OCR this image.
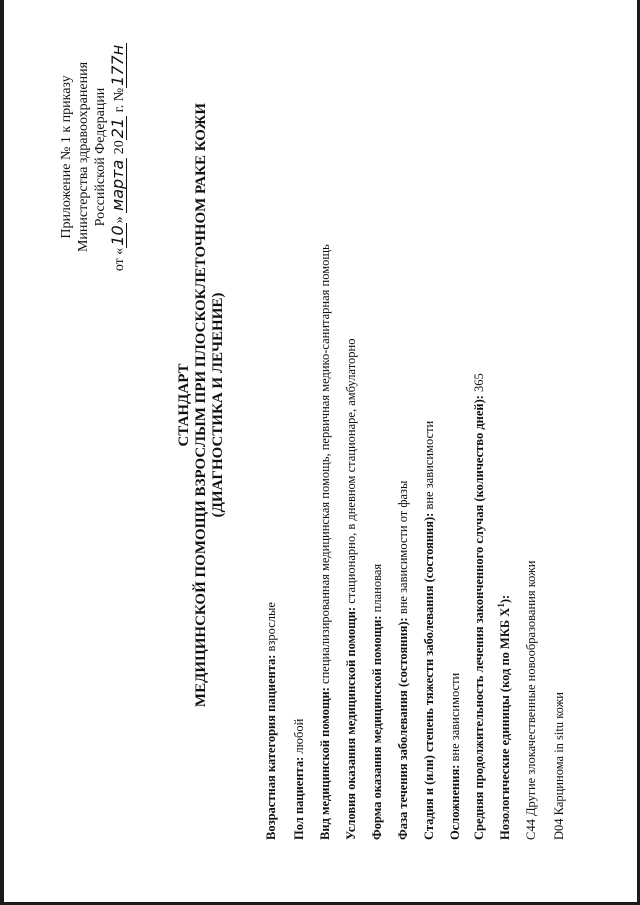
Приложение № 1 к приказу Министерства здравоохранения Российской Федерации
от «10» марта 2021 г. №177н
СТАНДАРТ МЕДИЦИНСКОЙ ПОМОЩИ ВЗРОСЛЫМ ПРИ ПЛОСКОКЛЕТОЧНОМ РАКЕ КОЖИ (ДИАГНОСТИКА И ЛЕЧЕНИЕ)
Возрастная категория пациента: взрослые
Пол пациента: любой Вид медицинской помощи: специализированная медицинская помощь, первичная медико-санитарная помощь
Условия оказания медицинской помощи: стационарно, в дневном стационаре, амбулаторно
Форма оказания медицинской помощи: плановая
Фаза течения заболевания (состояния): вне зависимости от фазы Стадия и (или) степень тяжести заболевания (состояния): вне зависимости
Осложнения: вне зависимости Средняя продолжительность лечения законченного случая (количество дней): 365
Нозологические единицы (код по МКБ $X^1$): С44 Другие злокачественные новообразования кожи D04 Карцинома in situ кожи
